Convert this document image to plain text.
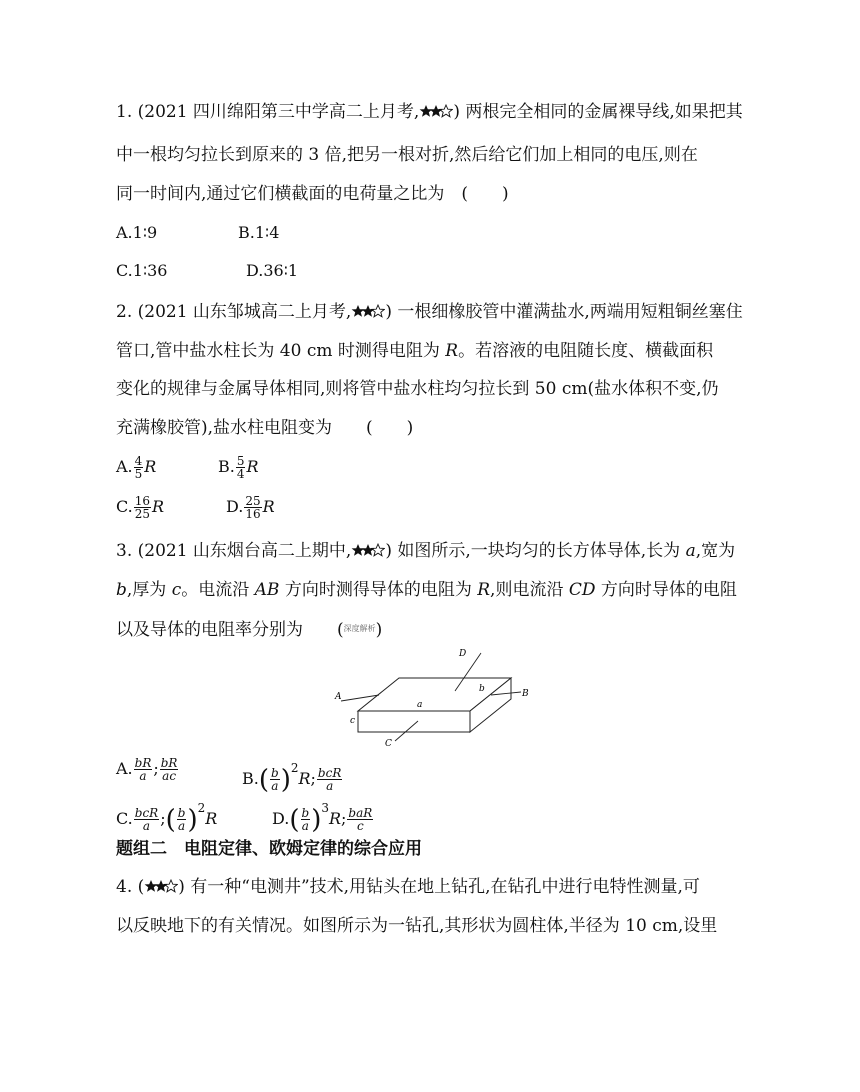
1. (2021 四川绵阳第三中学高二上月考, ) 两根完全相同的金属裸导线,如果把其
中一根均匀拉长到原来的 3 倍,把另一根对折,然后给它们加上相同的电压,则在
同一时间内,通过它们横截面的电荷量之比为　(　　)
A.1∶9	B.1∶4
C.1∶36	D.36∶1
2. (2021 山东邹城高二上月考, ) 一根细橡胶管中灌满盐水,两端用短粗铜丝塞住
管口,管中盐水柱长为 40 cm 时测得电阻为 R。若溶液的电阻随长度、横截面积
变化的规律与金属导体相同,则将管中盐水柱均匀拉长到 50 cm(盐水体积不变,仍
充满橡胶管),盐水柱电阻变为　　(　　)
A. $\frac{4}{5}$ R	B. $\frac{5}{4}$ R
C. $\frac{16}{25}$ R	D. $\frac{25}{16}$ R
3. (2021 山东烟台高二上期中, ) 如图所示,一块均匀的长方体导体,长为 a,宽为
b,厚为 c。电流沿 AB 方向时测得导体的电阻为 R,则电流沿 CD 方向时导体的电阻
以及导体的电阻率分别为　　($^{深度解析}$)
A	B
D
C
a
b
c
A. $\frac{bR}{a}$ ; $\frac{bR}{ac}$	$B.( \frac{b}{a} )^2R$; $\frac{\text{bcR}}{a}$
C. $\frac{\text{bcR}}{a}$ ;( $\frac{b}{a} )^2R$	$D.( \frac{b}{a} )^3R$; $\frac{\text{baR}}{c}$
题组二　电阻定律、欧姆定律的综合应用
4. ( ) 有一种“电测井”技术,用钻头在地上钻孔,在钻孔中进行电特性测量,可
以反映地下的有关情况。如图所示为一钻孔,其形状为圆柱体,半径为 10 cm,设里
